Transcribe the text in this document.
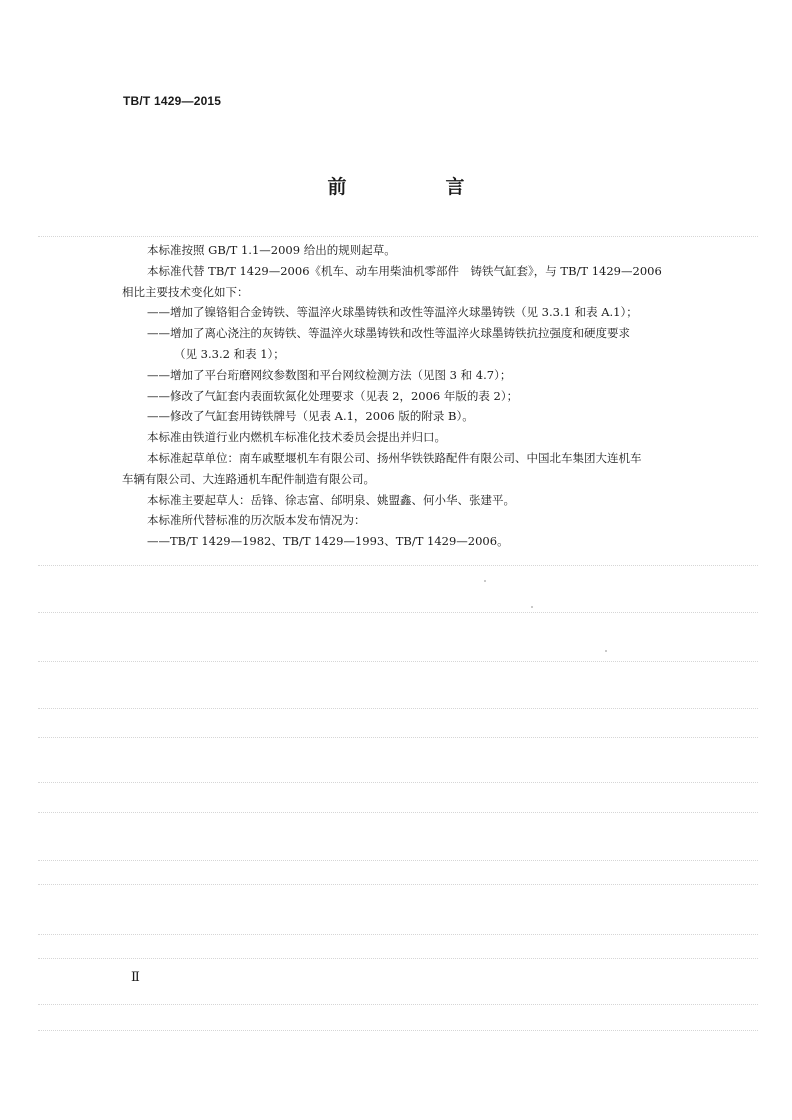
TB/T 1429—2015
前　言

本标准按照 GB/T 1.1—2009 给出的规则起草。

本标准代替 TB/T 1429—2006《机车、动车用柴油机零部件　铸铁气缸套》，与 TB/T 1429—2006

相比主要技术变化如下：

——增加了镍铬钼合金铸铁、等温淬火球墨铸铁和改性等温淬火球墨铸铁（见 3.3.1 和表 A.1）；

——增加了离心浇注的灰铸铁、等温淬火球墨铸铁和改性等温淬火球墨铸铁抗拉强度和硬度要求

（见 3.3.2 和表 1）；

——增加了平台珩磨网纹参数图和平台网纹检测方法（见图 3 和 4.7）；

——修改了气缸套内表面软氮化处理要求（见表 2，2006 年版的表 2）；

——修改了气缸套用铸铁牌号（见表 A.1，2006 版的附录 B）。

本标准由铁道行业内燃机车标准化技术委员会提出并归口。

本标准起草单位：南车戚墅堰机车有限公司、扬州华铁铁路配件有限公司、中国北车集团大连机车

车辆有限公司、大连路通机车配件制造有限公司。

本标准主要起草人：岳锋、徐志富、邰明泉、姚盟鑫、何小华、张建平。

本标准所代替标准的历次版本发布情况为：

——TB/T 1429—1982、TB/T 1429—1993、TB/T 1429—2006。

Ⅱ
